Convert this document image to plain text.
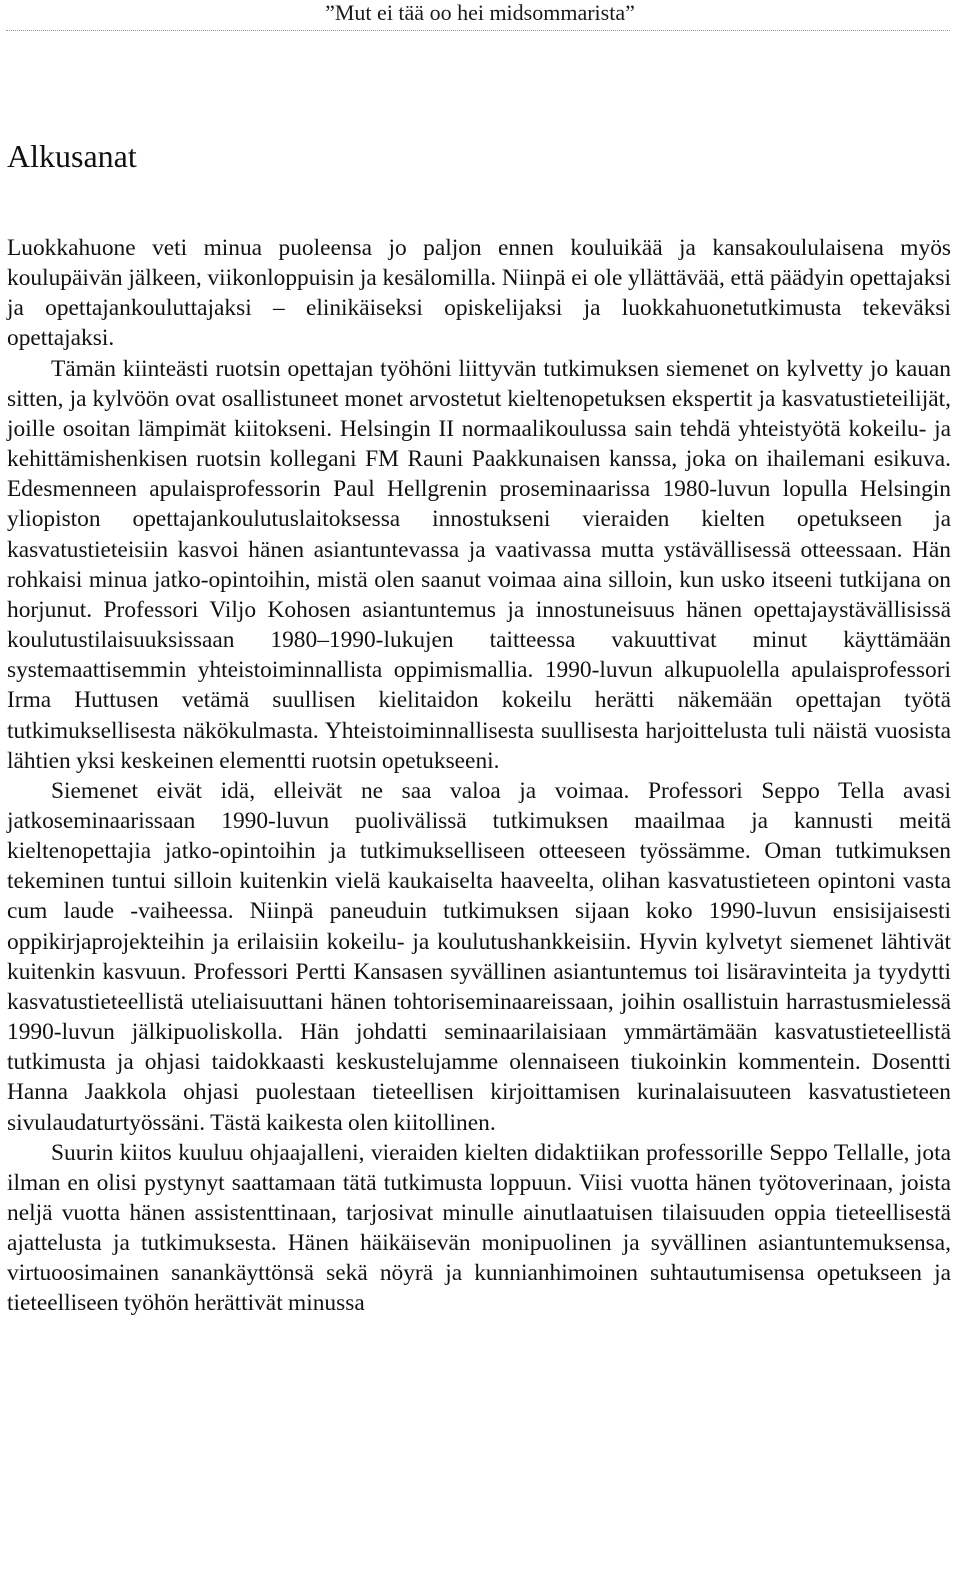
”Mut ei tää oo hei midsommarista”
Alkusanat

Luokkahuone veti minua puoleensa jo paljon ennen kouluikää ja kansakoululaisena myös koulupäivän jälkeen, viikonloppuisin ja kesälomilla. Niinpä ei ole yllättävää, että päädyin opettajaksi ja opettajankouluttajaksi – elinikäiseksi opiskelijaksi ja luokkahuonetutkimusta tekeväksi opettajaksi.

Tämän kiinteästi ruotsin opettajan työhöni liittyvän tutkimuksen siemenet on kylvetty jo kauan sitten, ja kylvöön ovat osallistuneet monet arvostetut kieltenopetuksen ekspertit ja kasvatustieteilijät, joille osoitan lämpimät kiitokseni. Helsingin II normaalikoulussa sain tehdä yhteistyötä kokeilu- ja kehittämishenkisen ruotsin kollegani FM Rauni Paakkunaisen kanssa, joka on ihailemani esikuva. Edesmenneen apulaisprofessorin Paul Hellgrenin proseminaarissa 1980-luvun lopulla Helsingin yliopiston opettajankoulutuslaitoksessa innostukseni vieraiden kielten opetukseen ja kasvatustieteisiin kasvoi hänen asiantuntevassa ja vaativassa mutta ystävällisessä otteessaan. Hän rohkaisi minua jatko-opintoihin, mistä olen saanut voimaa aina silloin, kun usko itseeni tutkijana on horjunut. Professori Viljo Kohosen asiantuntemus ja innostuneisuus hänen opettajaystävällisissä koulutustilaisuuksissaan 1980–1990-lukujen taitteessa vakuuttivat minut käyttämään systemaattisemmin yhteistoiminnallista oppimismallia. 1990-luvun alkupuolella apulaisprofessori Irma Huttusen vetämä suullisen kielitaidon kokeilu herätti näkemään opettajan työtä tutkimuksellisesta näkökulmasta. Yhteistoiminnallisesta suullisesta harjoittelusta tuli näistä vuosista lähtien yksi keskeinen elementti ruotsin opetukseeni.

Siemenet eivät idä, elleivät ne saa valoa ja voimaa. Professori Seppo Tella avasi jatkoseminaarissaan 1990-luvun puolivälissä tutkimuksen maailmaa ja kannusti meitä kieltenopettajia jatko-opintoihin ja tutkimukselliseen otteeseen työssämme. Oman tutkimuksen tekeminen tuntui silloin kuitenkin vielä kaukaiselta haaveelta, olihan kasvatustieteen opintoni vasta cum laude -vaiheessa. Niinpä paneuduin tutkimuksen sijaan koko 1990-luvun ensisijaisesti oppikirjaprojekteihin ja erilaisiin kokeilu- ja koulutushankkeisiin. Hyvin kylvetyt siemenet lähtivät kuitenkin kasvuun. Professori Pertti Kansasen syvällinen asiantuntemus toi lisäravinteita ja tyydytti kasvatustieteellistä uteliaisuuttani hänen tohtoriseminaareissaan, joihin osallistuin harrastusmielessä 1990-luvun jälkipuoliskolla. Hän johdatti seminaarilaisiaan ymmärtämään kasvatustieteellistä tutkimusta ja ohjasi taidokkaasti keskustelujamme olennaiseen tiukoinkin kommentein. Dosentti Hanna Jaakkola ohjasi puolestaan tieteellisen kirjoittamisen kurinalaisuuteen kasvatustieteen sivulaudaturtyössäni. Tästä kaikesta olen kiitollinen.

Suurin kiitos kuuluu ohjaajalleni, vieraiden kielten didaktiikan professorille Seppo Tellalle, jota ilman en olisi pystynyt saattamaan tätä tutkimusta loppuun. Viisi vuotta hänen työtoverinaan, joista neljä vuotta hänen assistenttinaan, tarjosivat minulle ainutlaatuisen tilaisuuden oppia tieteellisestä ajattelusta ja tutkimuksesta. Hänen häikäisevän monipuolinen ja syvällinen asiantuntemuksensa, virtuoosimainen sanankäyttönsä sekä nöyrä ja kunnianhimoinen suhtautumisensa opetukseen ja tieteelliseen työhön herättivät minussa
